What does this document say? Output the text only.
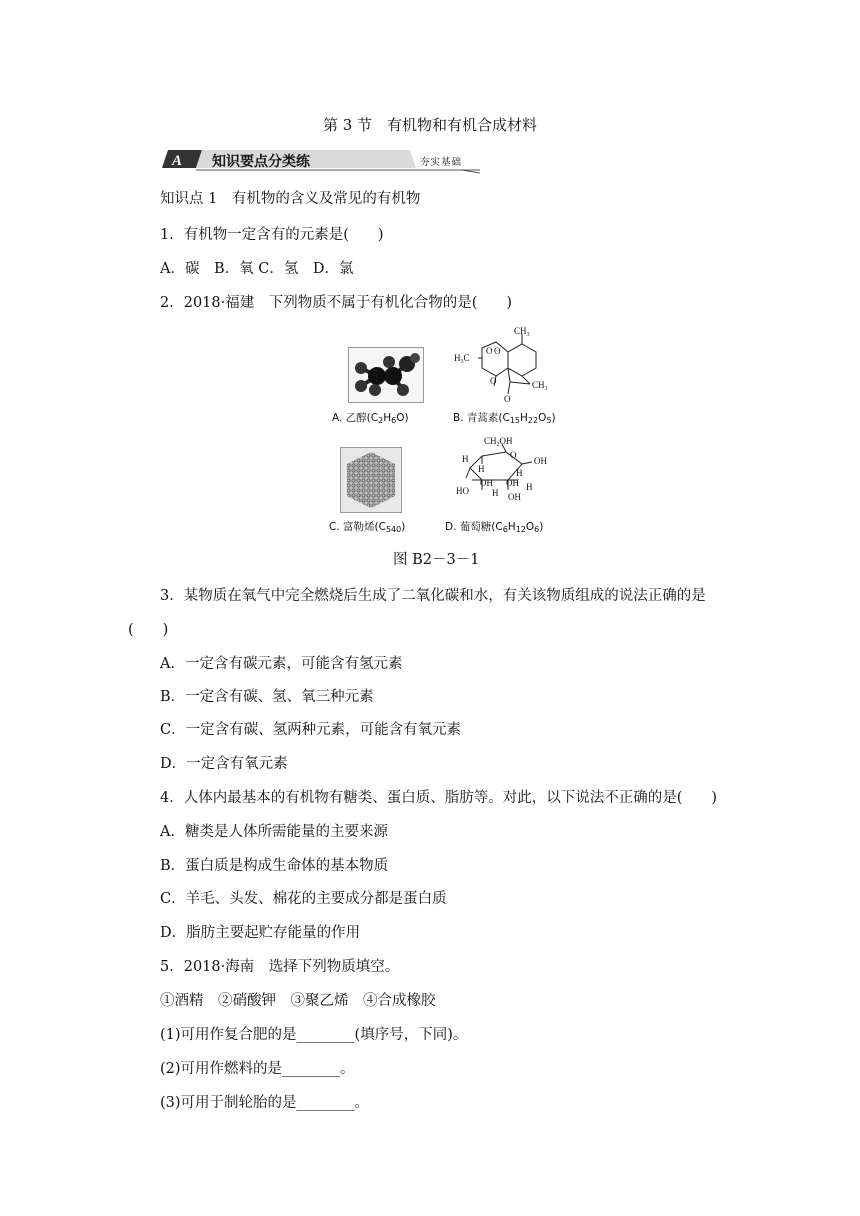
第 3 节　有机物和有机合成材料
A 知识要点分类练	夯实基础
知识点 1　有机物的含义及常见的有机物
1．有机物一定含有的元素是(　　)
A．碳　B．氧 C．氢　D．氯
2．2018·福建　下列物质不属于有机化合物的是(　　)
A. 乙醇$(C_2H_6O)$
$CH_3$
$H_3C$
O O
O
O
$CH_3$
B. 青蒿素$(C_{15}H_{22}O_5)$
C. 富勒烯$(C_{540})$
$CH_2OH$
O
H
H	H
H
H
OH
OH OH
HO
OH
D. 葡萄糖$(C_6H_{12}O_6)$
图 B2－3－1
3．某物质在氧气中完全燃烧后生成了二氧化碳和水，有关该物质组成的说法正确的是
(　　)
A．一定含有碳元素，可能含有氢元素
B．一定含有碳、氢、氧三种元素
C．一定含有碳、氢两种元素，可能含有氧元素
D．一定含有氧元素
4．人体内最基本的有机物有糖类、蛋白质、脂肪等。对此，以下说法不正确的是(　　)
A．糖类是人体所需能量的主要来源
B．蛋白质是构成生命体的基本物质
C．羊毛、头发、棉花的主要成分都是蛋白质
D．脂肪主要起贮存能量的作用
5．2018·海南　选择下列物质填空。
①酒精　②硝酸钾　③聚乙烯　④合成橡胶
(1)可用作复合肥的是________(填序号，下同)。
(2)可用作燃料的是________。
(3)可用于制轮胎的是________。
